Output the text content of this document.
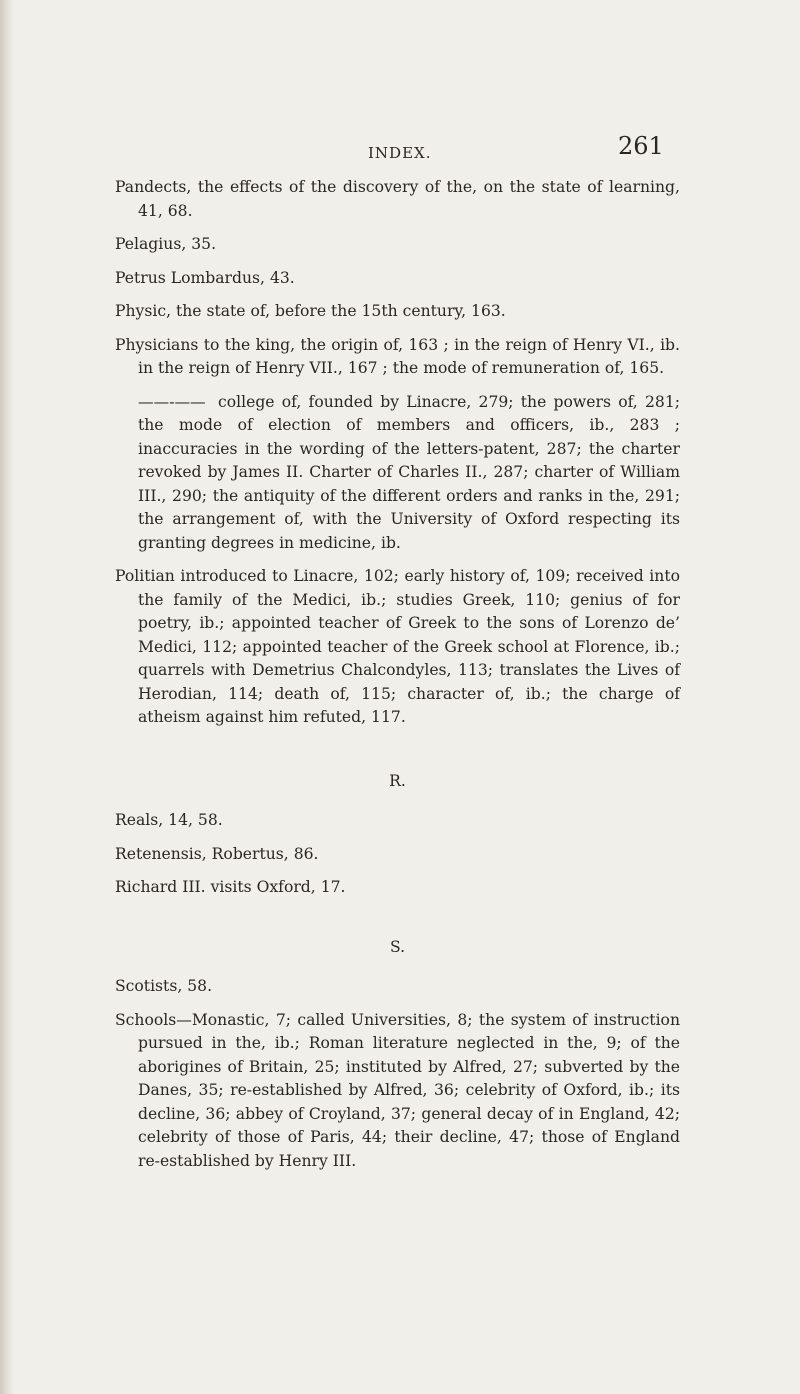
INDEX.	261

Pandects, the effects of the discovery of the, on the state of learning, 41, 68.

Pelagius, 35.

Petrus Lombardus, 43.

Physic, the state of, before the 15th century, 163.

Physicians to the king, the origin of, 163 ; in the reign of Henry VI., ib. in the reign of Henry VII., 167 ; the mode of remuneration of, 165.

——-—— college of, founded by Linacre, 279; the powers of, 281; the mode of election of members and officers, ib., 283 ; inaccuracies in the wording of the letters-patent, 287; the charter revoked by James II. Charter of Charles II., 287; charter of William III., 290; the antiquity of the different orders and ranks in the, 291; the arrangement of, with the University of Oxford respecting its granting degrees in medicine, ib.

Politian introduced to Linacre, 102; early history of, 109; received into the family of the Medici, ib.; studies Greek, 110; genius of for poetry, ib.; appointed teacher of Greek to the sons of Lorenzo de’ Medici, 112; appointed teacher of the Greek school at Florence, ib.; quarrels with Demetrius Chalcondyles, 113; translates the Lives of Herodian, 114; death of, 115; character of, ib.; the charge of atheism against him refuted, 117.

R.

Reals, 14, 58.

Retenensis, Robertus, 86.

Richard III. visits Oxford, 17.

S.

Scotists, 58.

Schools—Monastic, 7; called Universities, 8; the system of instruction pursued in the, ib.; Roman literature neglected in the, 9; of the aborigines of Britain, 25; instituted by Alfred, 27; subverted by the Danes, 35; re-established by Alfred, 36; celebrity of Oxford, ib.; its decline, 36; abbey of Croyland, 37; general decay of in England, 42; celebrity of those of Paris, 44; their decline, 47; those of England re-established by Henry III.
